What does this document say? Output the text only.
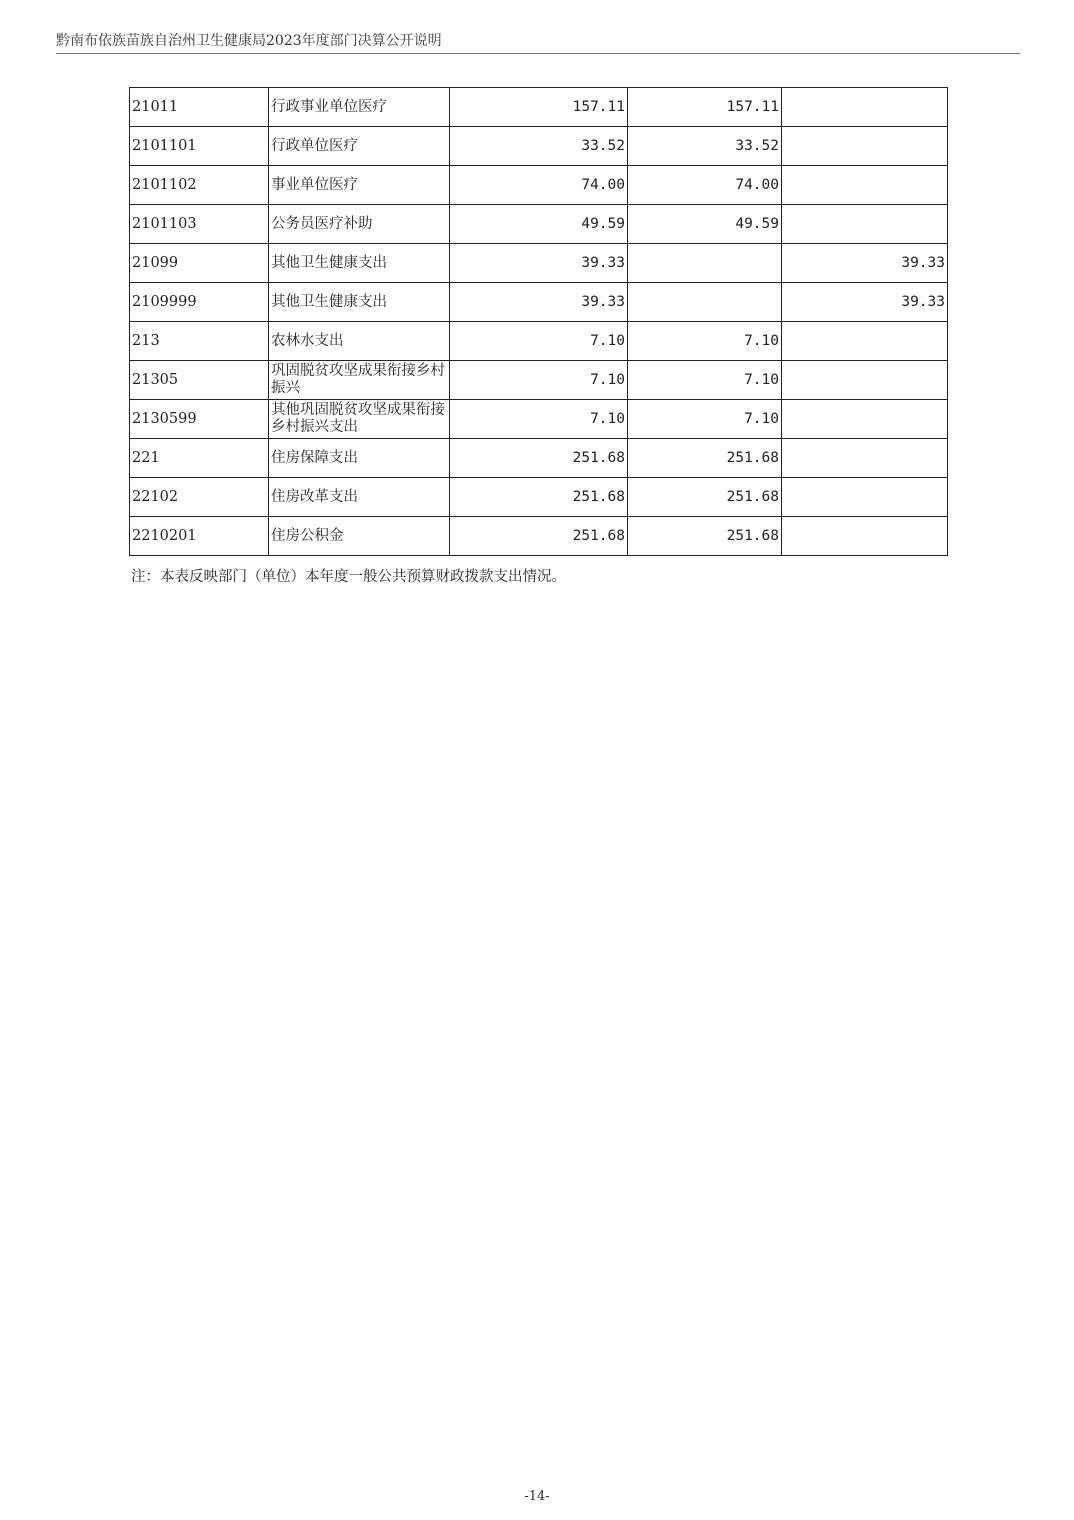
黔南布依族苗族自治州卫生健康局2023年度部门决算公开说明
21011	行政事业单位医疗	157.11	157.11	
2101101	行政单位医疗	33.52	33.52	
2101102	事业单位医疗	74.00	74.00	
2101103	公务员医疗补助	49.59	49.59	
21099	其他卫生健康支出	39.33		39.33
2109999	其他卫生健康支出	39.33		39.33
213	农林水支出	7.10	7.10	
21305	巩固脱贫攻坚成果衔接乡村振兴	7.10	7.10	
2130599	其他巩固脱贫攻坚成果衔接乡村振兴支出	7.10	7.10	
221	住房保障支出	251.68	251.68	
22102	住房改革支出	251.68	251.68	
2210201	住房公积金	251.68	251.68	
注：本表反映部门（单位）本年度一般公共预算财政拨款支出情况。
-14-
